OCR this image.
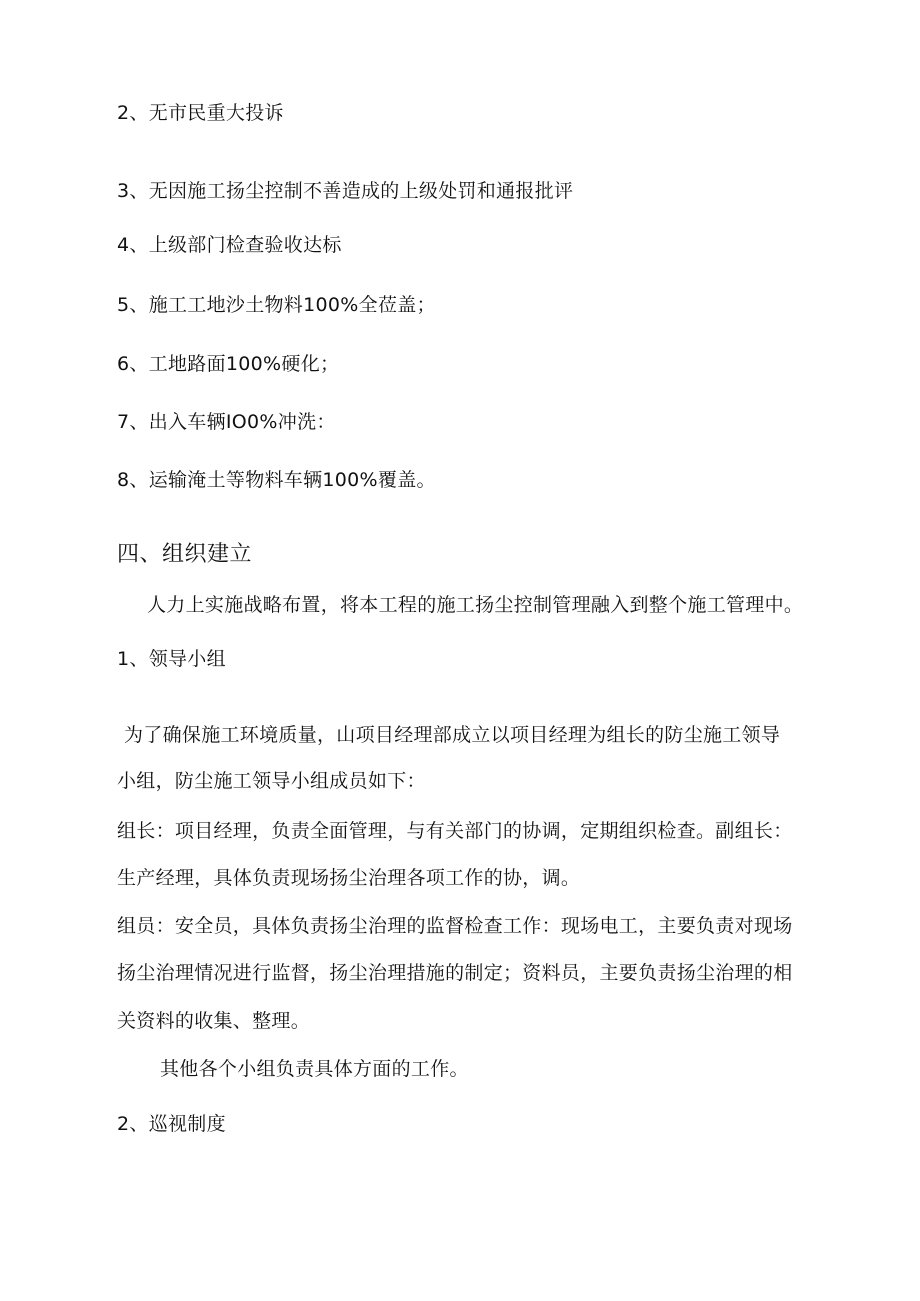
2、无市民重大投诉
3、无因施工扬尘控制不善造成的上级处罚和通报批评
4、上级部门检查验收达标
5、施工工地沙土物料100%全莅盖；
6、工地路面100%硬化；
7、出入车辆IO0%冲洗：
8、运输淹土等物料车辆100%覆盖。
四、组织建立
人力上实施战略布置，将本工程的施工扬尘控制管理融入到整个施工管理中。
1、领导小组
为了确保施工环境质量，山项目经理部成立以项目经理为组长的防尘施工领导
小组，防尘施工领导小组成员如下：
组长：项目经理，负责全面管理，与有关部门的协调，定期组织检查。副组长：
生产经理，具体负责现场扬尘治理各项工作的协，调。
组员：安全员，具体负责扬尘治理的监督检查工作：现场电工，主要负责对现场
扬尘治理情况进行监督，扬尘治理措施的制定；资料员，主要负责扬尘治理的相
关资料的收集、整理。
其他各个小组负责具体方面的工作。
2、巡视制度
